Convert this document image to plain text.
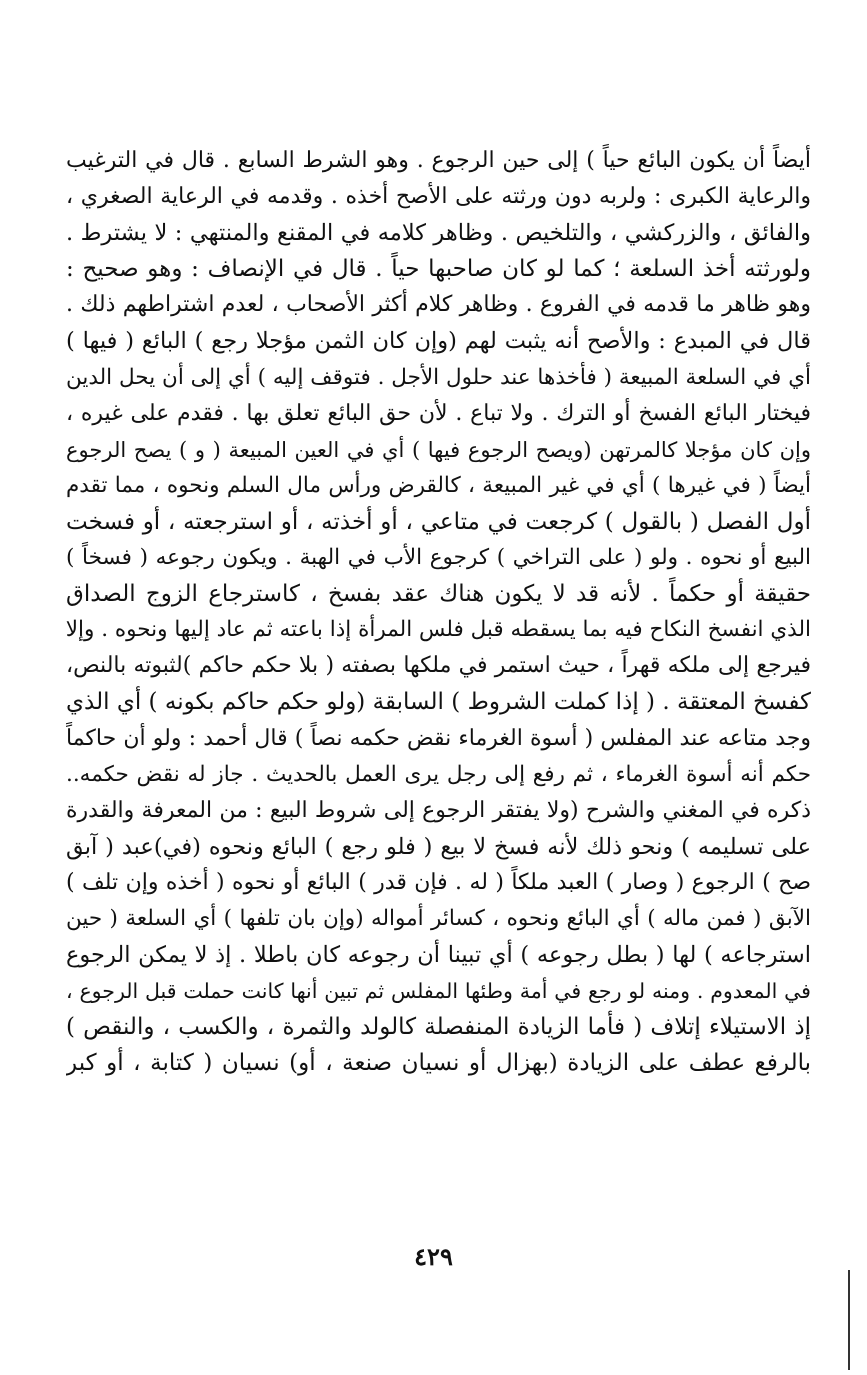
أيضاً أن يكون البائع حياً ) إلى حين الرجوع . وهو الشرط السابع . قال في الترغيب
والرعاية الكبرى : ولربه دون ورثته على الأصح أخذه . وقدمه في الرعاية الصغري ،
والفائق ، والزركشي ، والتلخيص . وظاهر كلامه في المقنع والمنتهي : لا يشترط .
ولورثته أخذ السلعة ؛ كما لو كان صاحبها حياً . قال في الإنصاف : وهو صحيح :
وهو ظاهر ما قدمه في الفروع . وظاهر كلام أكثر الأصحاب ، لعدم اشتراطهم ذلك .
قال في المبدع : والأصح أنه يثبت لهم (وإن كان الثمن مؤجلا رجع ) البائع ( فيها )
أي في السلعة المبيعة ( فأخذها عند حلول الأجل . فتوقف إليه ) أي إلى أن يحل الدين
فيختار البائع الفسخ أو الترك . ولا تباع . لأن حق البائع تعلق بها . فقدم على غيره ،
وإن كان مؤجلا كالمرتهن (ويصح الرجوع فيها ) أي في العين المبيعة ( و ) يصح الرجوع
أيضاً ( في غيرها ) أي في غير المبيعة ، كالقرض ورأس مال السلم ونحوه ، مما تقدم
أول الفصل ( بالقول ) كرجعت في متاعي ، أو أخذته ، أو استرجعته ، أو فسخت
البيع أو نحوه . ولو ( على التراخي ) كرجوع الأب في الهبة . ويكون رجوعه ( فسخاً )
حقيقة أو حكماً . لأنه قد لا يكون هناك عقد بفسخ ، كاسترجاع الزوج الصداق
الذي انفسخ النكاح فيه بما يسقطه قبل فلس المرأة إذا باعته ثم عاد إليها ونحوه . وإلا
فيرجع إلى ملكه قهراً ، حيث استمر في ملكها بصفته ( بلا حكم حاكم )لثبوته بالنص،
كفسخ المعتقة . ( إذا كملت الشروط ) السابقة (ولو حكم حاكم بكونه ) أي الذي
وجد متاعه عند المفلس ( أسوة الغرماء نقض حكمه نصاً ) قال أحمد : ولو أن حاكماً
حكم أنه أسوة الغرماء ، ثم رفع إلى رجل يرى العمل بالحديث . جاز له نقض حكمه..
ذكره في المغني والشرح (ولا يفتقر الرجوع إلى شروط البيع : من المعرفة والقدرة
على تسليمه ) ونحو ذلك لأنه فسخ لا بيع ( فلو رجع ) البائع ونحوه (في)عبد ( آبق
صح ) الرجوع ( وصار ) العبد ملكاً ( له . فإن قدر ) البائع أو نحوه ( أخذه وإن تلف )
الآبق ( فمن ماله ) أي البائع ونحوه ، كسائر أمواله (وإن بان تلفها ) أي السلعة ( حين
استرجاعه ) لها ( بطل رجوعه ) أي تبينا أن رجوعه كان باطلا . إذ لا يمكن الرجوع
في المعدوم . ومنه لو رجع في أمة وطئها المفلس ثم تبين أنها كانت حملت قبل الرجوع ،
إذ الاستيلاء إتلاف ( فأما الزيادة المنفصلة كالولد والثمرة ، والكسب ، والنقص )
بالرفع عطف على الزيادة (بهزال أو نسيان صنعة ، أو) نسيان ( كتابة ، أو كبر
٤٢٩
